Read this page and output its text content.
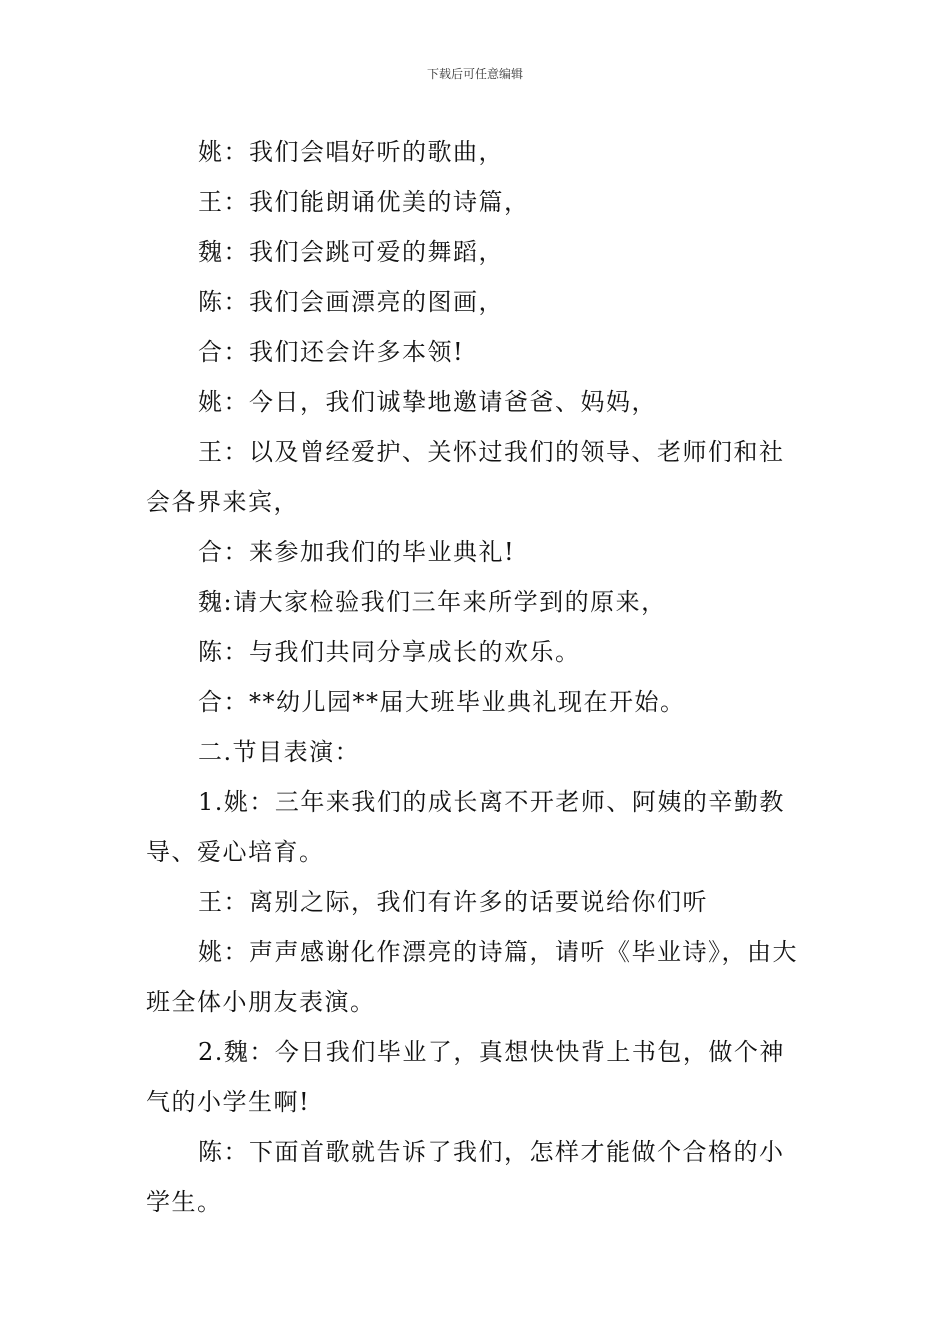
下载后可任意编辑

姚：我们会唱好听的歌曲，

王：我们能朗诵优美的诗篇，

魏：我们会跳可爱的舞蹈，

陈：我们会画漂亮的图画，

合：我们还会许多本领!

姚：今日，我们诚挚地邀请爸爸、妈妈，

王：以及曾经爱护、关怀过我们的领导、老师们和社会各界来宾，

合：来参加我们的毕业典礼!

魏:请大家检验我们三年来所学到的原来，

陈：与我们共同分享成长的欢乐。

合：**幼儿园**届大班毕业典礼现在开始。

二.节目表演：

1.姚：三年来我们的成长离不开老师、阿姨的辛勤教导、爱心培育。

王：离别之际，我们有许多的话要说给你们听

姚：声声感谢化作漂亮的诗篇，请听《毕业诗》，由大班全体小朋友表演。

2.魏：今日我们毕业了，真想快快背上书包，做个神气的小学生啊!

陈：下面首歌就告诉了我们，怎样才能做个合格的小学生。
